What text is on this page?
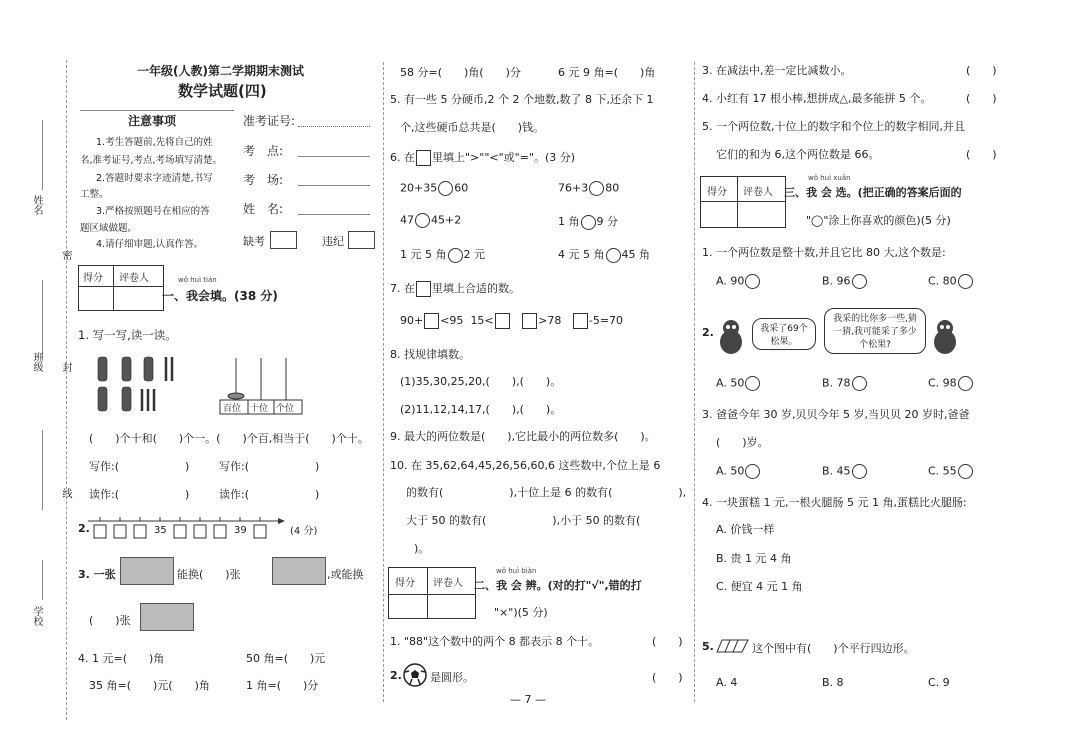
姓名
班级
学校
密
封
线
一年级(人教)第二学期期末测试
数学试题(四)
注意事项
1.考生答题前,先将自己的姓
名,准考证号,考点,考场填写清楚。
2.答题时要求字迹清楚,书写
工整。
3.严格按照题号在相应的答
题区域做题。
4.请仔细审题,认真作答。
准考证号:
考　点:
考　场:
姓　名:
缺考	违纪
得分 评卷人	wǒ huì tián
一、我会填。(38 分)
1. 写一写,读一读。
百位 十位 个位
(　　)个十和(　　)个一。(　　)个百,相当于(　　)个十。
写作:(　　　　　　)	写作:(　　　　　　)
读作:(　　　　　　)	读作:(　　　　　　)
2.	35	39	(4 分)
3. 一张	能换(　　)张	,或能换
(　　)张
4. 1 元=(　　)角	50 角=(　　)元
35 角=(　　)元(　　)角	1 角=(　　)分
58 分=(　　)角(　　)分	6 元 9 角=(　　)角
5. 有一些 5 分硬币,2 个 2 个地数,数了 8 下,还余下 1
个,这些硬币总共是(　　)钱。
6. 在 里填上">""<"或"="。(3 分)
20+35 60	76+3 80
47 45+2	1 角 9 分
1 元 5 角 2 元	4 元 5 角 45 角
7. 在 里填上合适的数。
90+ <95 15<	>78	-5=70
8. 找规律填数。
(1)35,30,25,20,(　　),(　　)。
(2)11,12,14,17,(　　),(　　)。
9. 最大的两位数是(　　),它比最小的两位数多(　　)。
10. 在 35,62,64,45,26,56,60,6 这些数中,个位上是 6
的数有(　　　　　　),十位上是 6 的数有(　　　　　　),
大于 50 的数有(　　　　　　),小于 50 的数有(
)。
得分 评卷人
wǒ huì biàn
二、我 会 辨。(对的打"√",错的打
"×")(5 分)
1. "88"这个数中的两个 8 都表示 8 个十。	(　　)
2.	是圆形。	(　　)
— 7 —
3. 在减法中,差一定比减数小。	(　　)
4. 小红有 17 根小棒,想拼成△,最多能拼 5 个。	(　　)
5. 一个两位数,十位上的数字和个位上的数字相同,并且
它们的和为 6,这个两位数是 66。	(　　)
得分 评卷人
wǒ huì xuǎn
三、我 会 选。(把正确的答案后面的
"◯"涂上你喜欢的颜色)(5 分)
1. 一个两位数是整十数,并且它比 80 大,这个数是:
A. 90	B. 96	C. 80
2.	我采了69个松果。
我采的比你多一些,猜一猜,我可能采了多少个松果?
A. 50	B. 78	C. 98
3. 爸爸今年 30 岁,贝贝今年 5 岁,当贝贝 20 岁时,爸爸
(　　)岁。
A. 50	B. 45	C. 55
4. 一块蛋糕 1 元,一根火腿肠 5 元 1 角,蛋糕比火腿肠:
A. 价钱一样
B. 贵 1 元 4 角
C. 便宜 4 元 1 角
5.	这个图中有(　　)个平行四边形。
A. 4	B. 8	C. 9
